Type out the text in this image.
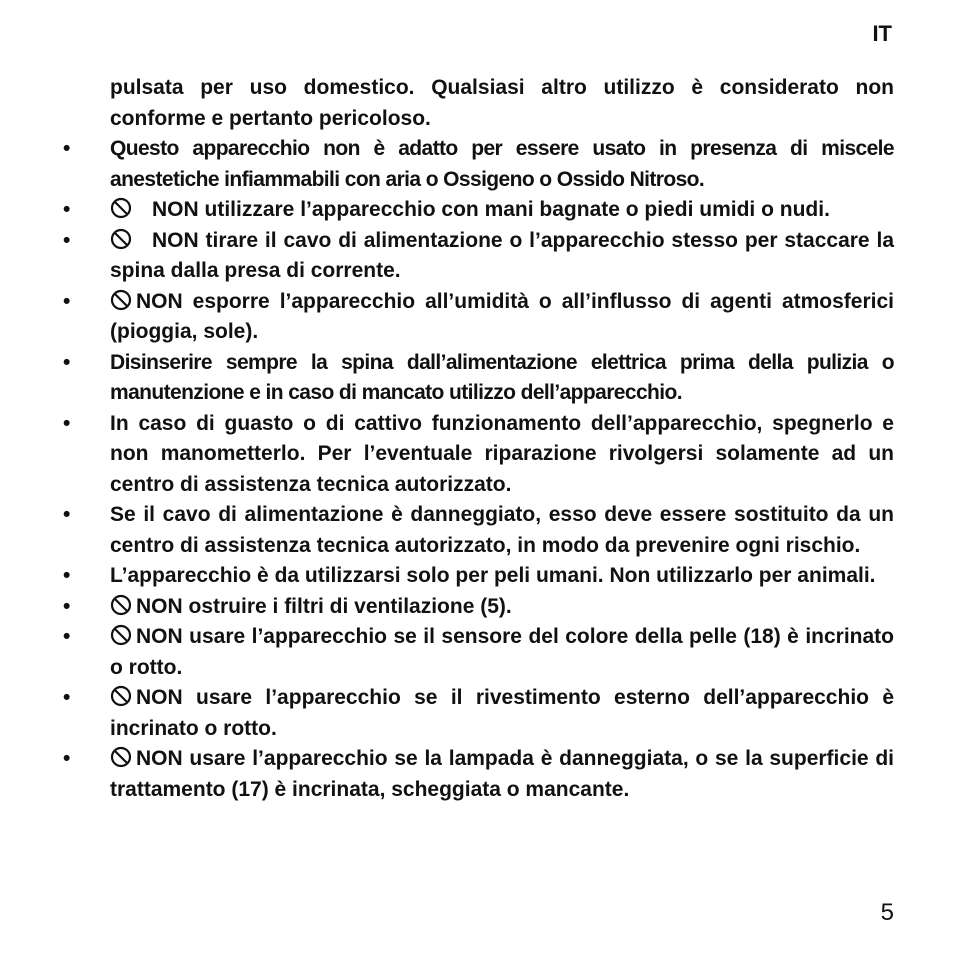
IT

pulsata per uso domestico. Qualsiasi altro utilizzo è considerato non conforme e pertanto pericoloso.

• Questo apparecchio non è adatto per essere usato in presenza di miscele anestetiche infiammabili con aria o Ossigeno o Ossido Nitroso.
•	NON utilizzare l’apparecchio con mani bagnate o piedi umidi o nudi.
•	NON tirare il cavo di alimentazione o l’apparecchio stesso per staccare la spina dalla presa di corrente.
•	NON esporre l’apparecchio all’umidità o all’influsso di agenti atmosferici (pioggia, sole).
• Disinserire sempre la spina dall’alimentazione elettrica prima della pulizia o manutenzione e in caso di mancato utilizzo dell’apparecchio.
• In caso di guasto o di cattivo funzionamento dell’apparecchio, spegnerlo e non manometterlo. Per l’eventuale riparazione rivolgersi solamente ad un centro di assistenza tecnica autorizzato.
• Se il cavo di alimentazione è danneggiato, esso deve essere sostituito da un centro di assistenza tecnica autorizzato, in modo da prevenire ogni rischio.
• L’apparecchio è da utilizzarsi solo per peli umani. Non utilizzarlo per animali.
•	NON ostruire i filtri di ventilazione (5).
•	NON usare l’apparecchio se il sensore del colore della pelle (18) è incrinato o rotto.
•	NON usare l’apparecchio se il rivestimento esterno dell’apparecchio è incrinato o rotto.
•	NON usare l’apparecchio se la lampada è danneggiata, o se la superficie di trattamento (17) è incrinata, scheggiata o mancante.
5
